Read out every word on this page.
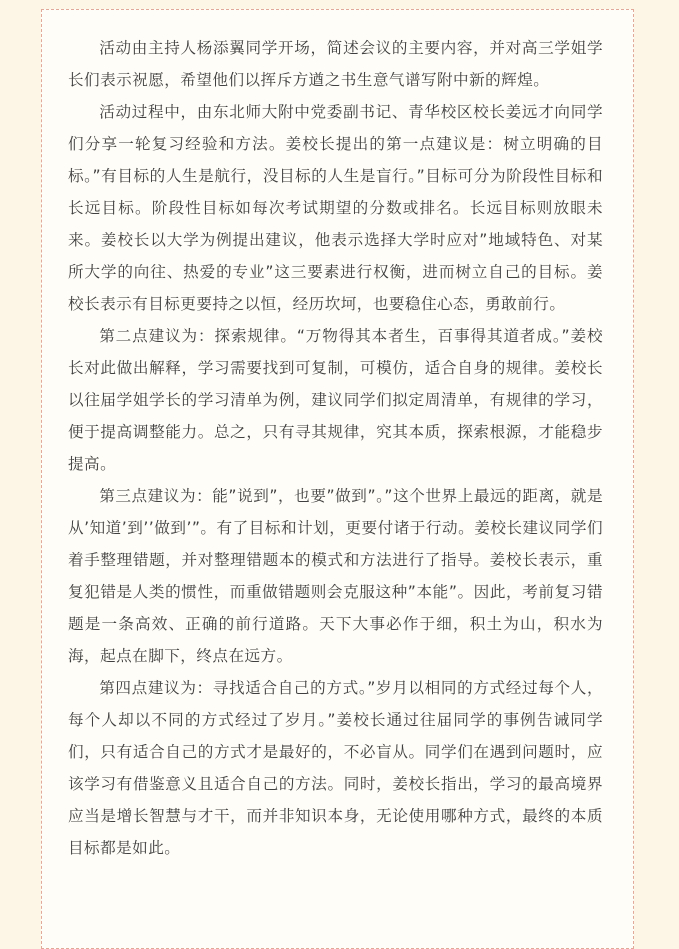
活动由主持人杨添翼同学开场，简述会议的主要内容，并对高三学姐学长们表示祝愿，希望他们以挥斥方遒之书生意气谱写附中新的辉煌。

活动过程中，由东北师大附中党委副书记、青华校区校长姜远才向同学们分享一轮复习经验和方法。姜校长提出的第一点建议是：树立明确的目标。”有目标的人生是航行，没目标的人生是盲行。”目标可分为阶段性目标和长远目标。阶段性目标如每次考试期望的分数或排名。长远目标则放眼未来。姜校长以大学为例提出建议，他表示选择大学时应对”地域特色、对某所大学的向往、热爱的专业”这三要素进行权衡，进而树立自己的目标。姜校长表示有目标更要持之以恒，经历坎坷，也要稳住心态，勇敢前行。

第二点建议为：探索规律。“万物得其本者生，百事得其道者成。”姜校长对此做出解释，学习需要找到可复制，可模仿，适合自身的规律。姜校长以往届学姐学长的学习清单为例，建议同学们拟定周清单，有规律的学习，便于提高调整能力。总之，只有寻其规律，究其本质，探索根源，才能稳步提高。

第三点建议为：能”说到”，也要”做到”。”这个世界上最远的距离，就是从’知道’到’’做到’”。有了目标和计划，更要付诸于行动。姜校长建议同学们着手整理错题，并对整理错题本的模式和方法进行了指导。姜校长表示，重复犯错是人类的惯性，而重做错题则会克服这种”本能”。因此，考前复习错题是一条高效、正确的前行道路。天下大事必作于细，积土为山，积水为海，起点在脚下，终点在远方。

第四点建议为：寻找适合自己的方式。”岁月以相同的方式经过每个人，每个人却以不同的方式经过了岁月。”姜校长通过往届同学的事例告诫同学们，只有适合自己的方式才是最好的，不必盲从。同学们在遇到问题时，应该学习有借鉴意义且适合自己的方法。同时，姜校长指出，学习的最高境界应当是增长智慧与才干，而并非知识本身，无论使用哪种方式，最终的本质目标都是如此。
